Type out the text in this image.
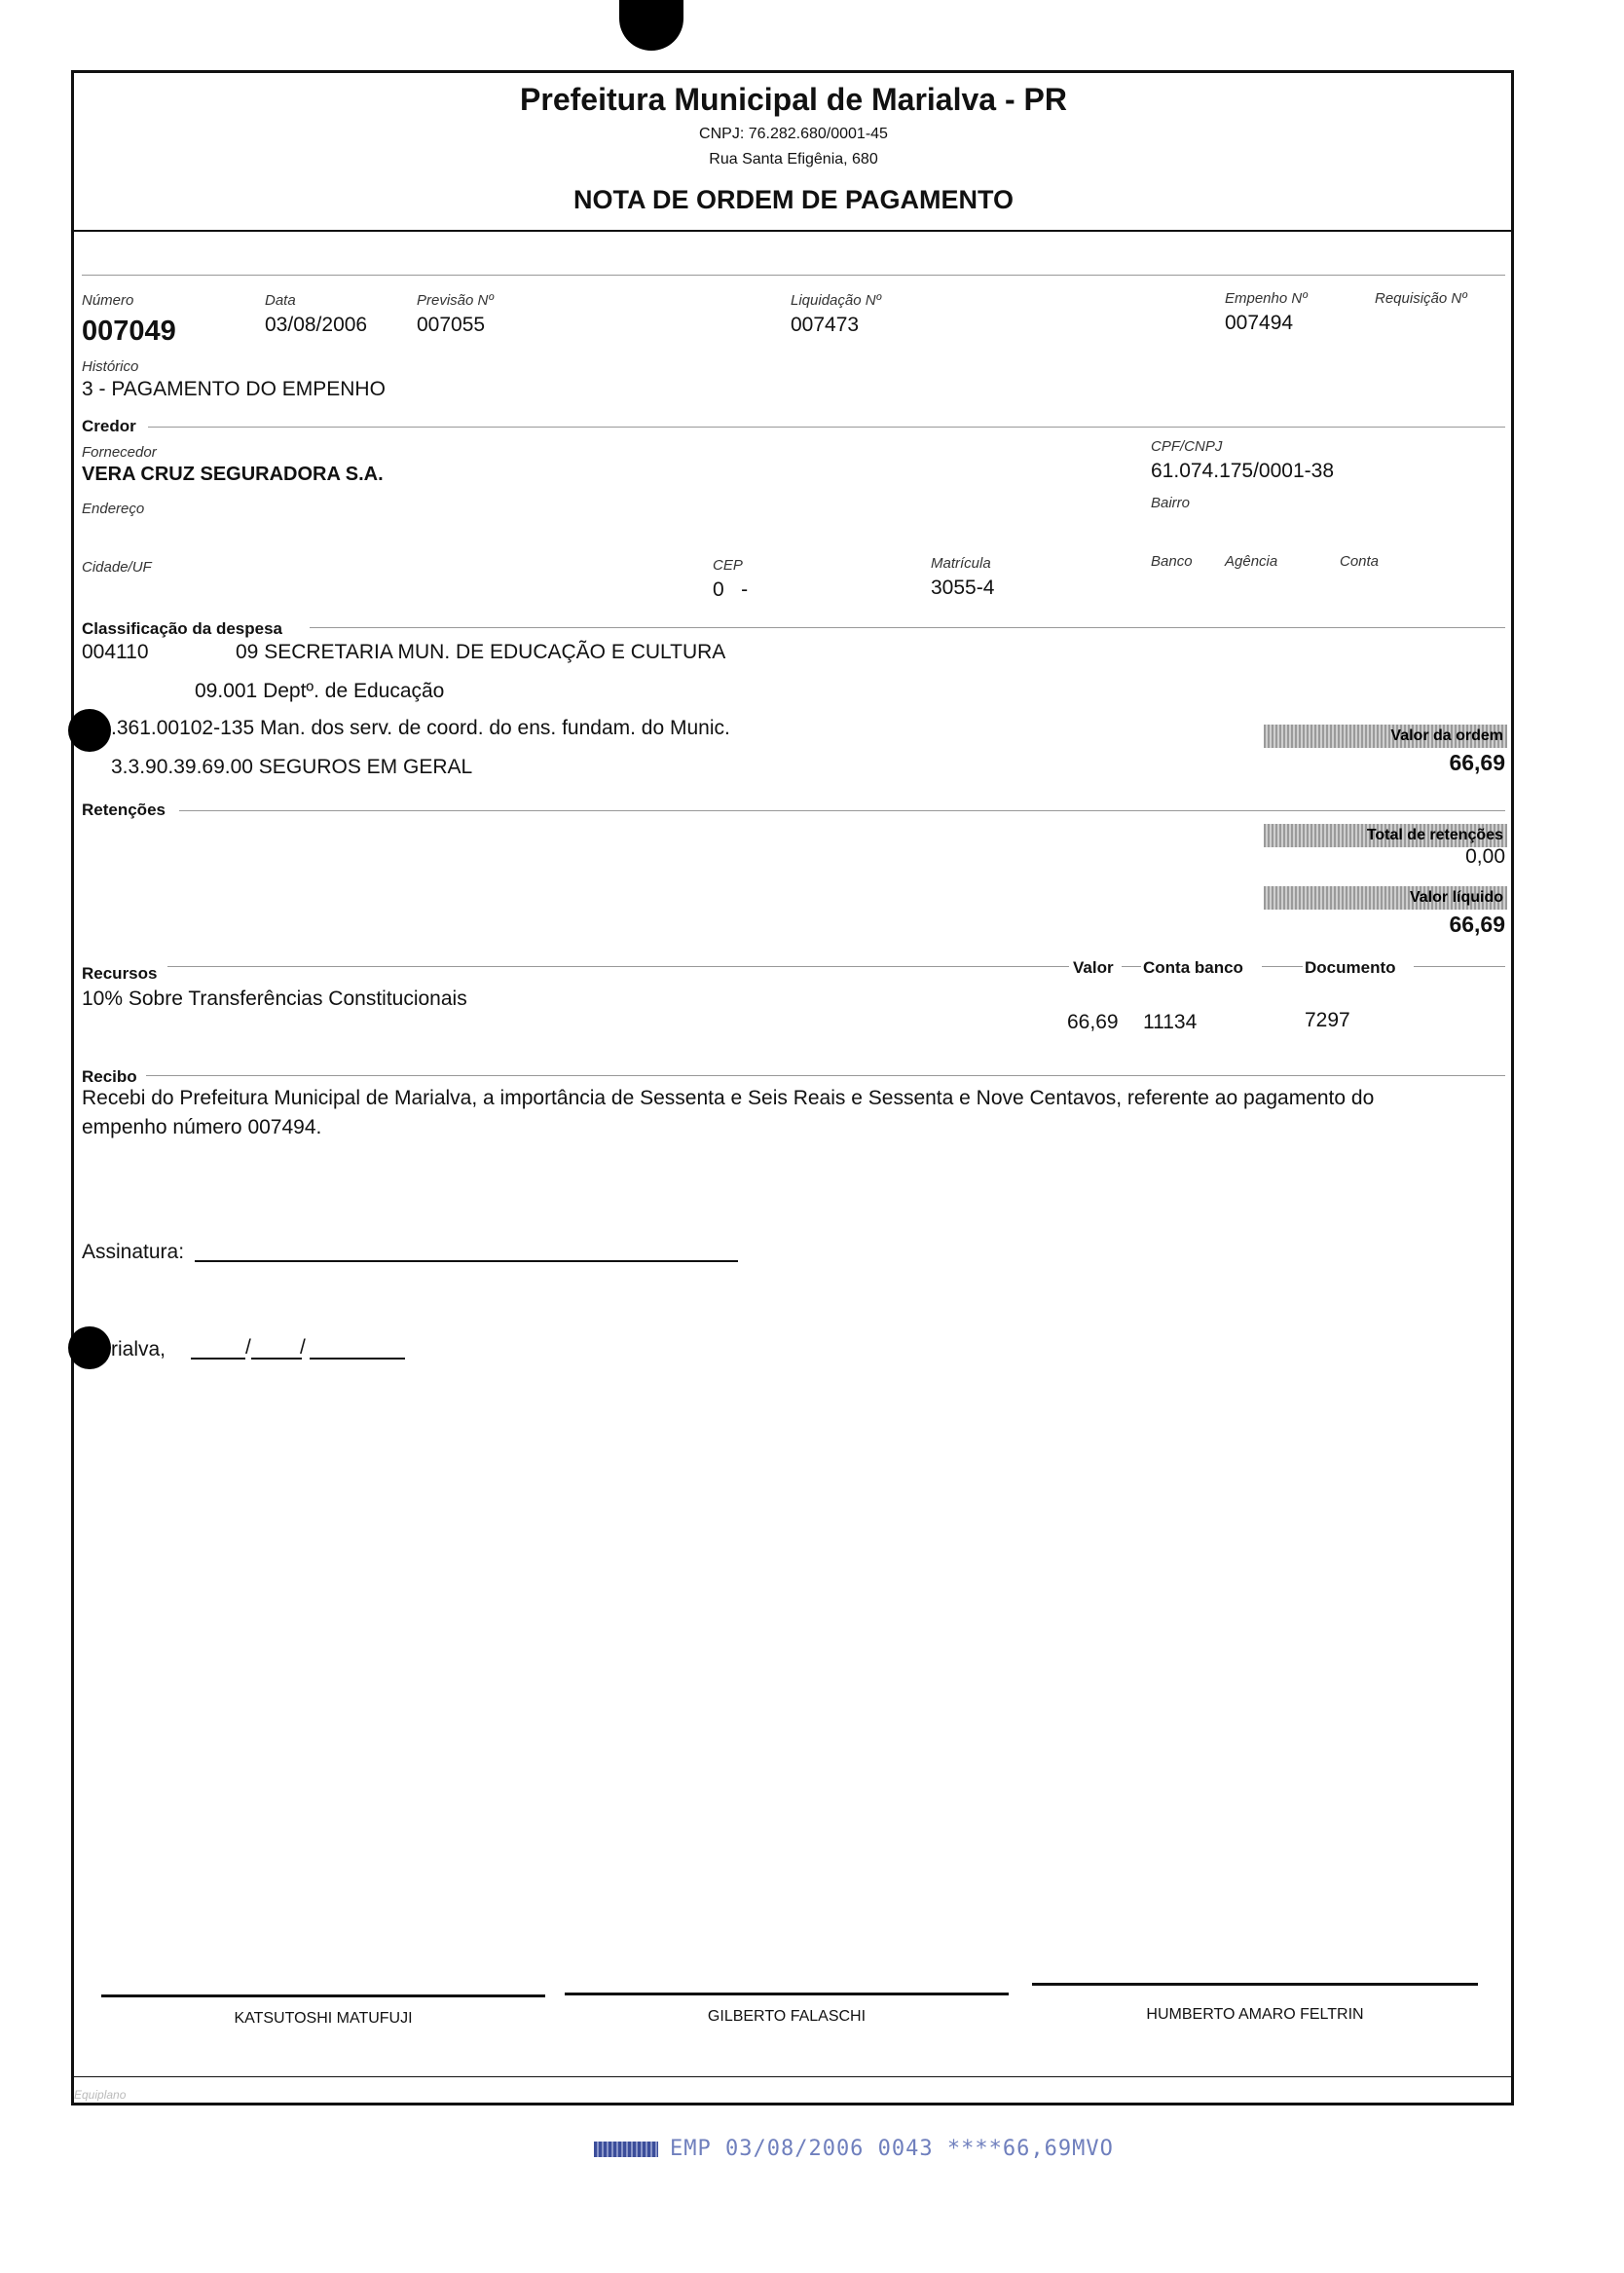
Prefeitura Municipal de Marialva - PR
CNPJ: 76.282.680/0001-45
Rua Santa Efigênia, 680
NOTA DE ORDEM DE PAGAMENTO
Número
007049
Data
03/08/2006
Previsão Nº
007055
Liquidação Nº
007473
Empenho Nº
007494
Requisição Nº
Histórico
3 - PAGAMENTO DO EMPENHO
Credor
Fornecedor
VERA CRUZ SEGURADORA S.A.
CPF/CNPJ
61.074.175/0001-38
Endereço	Bairro
Cidade/UF	CEP
0   -
Matrícula
3055-4
Banco Agência	Conta
Classificação da despesa
004110	09 SECRETARIA MUN. DE EDUCAÇÃO E CULTURA
09.001 Deptº. de Educação
.361.00102-135 Man. dos serv. de coord. do ens. fundam. do Munic.
3.3.90.39.69.00 SEGUROS EM GERAL
Valor da ordem
66,69
Retenções
Total de retenções
0,00
Valor líquido
66,69
Recursos	Valor Conta banco	Documento
10% Sobre Transferências Constitucionais
66,69 11134	7297
Recibo
Recebi do Prefeitura Municipal de Marialva, a importância de Sessenta e Seis Reais e Sessenta e Nove Centavos, referente ao pagamento do
empenho número 007494.
Assinatura:
rialva,	/ /
KATSUTOSHI MATUFUJI	GILBERTO FALASCHI	HUMBERTO AMARO FELTRIN
Equiplano
EMP 03/08/2006 0043 ****66,69MVO
